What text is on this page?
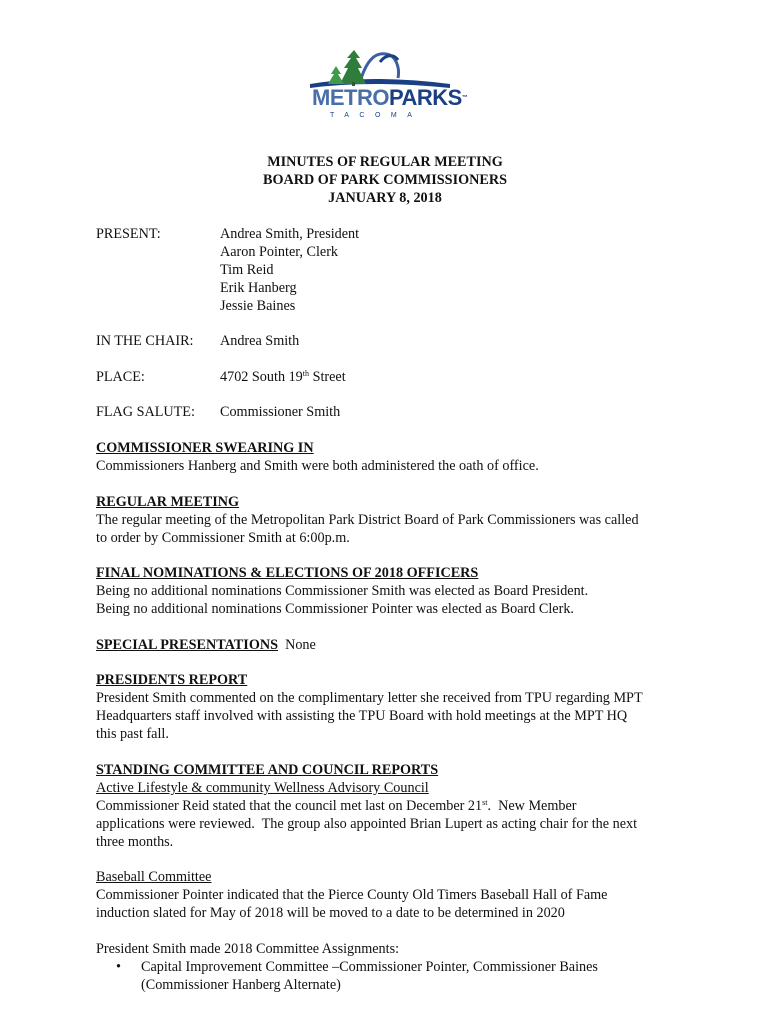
METROPARKS™
TACOMA
MINUTES OF REGULAR MEETING
BOARD OF PARK COMMISSIONERS
JANUARY 8, 2018
PRESENT:	Andrea Smith, President
Aaron Pointer, Clerk
Tim Reid
Erik Hanberg
Jessie Baines
IN THE CHAIR: Andrea Smith
PLACE:	4702 South 19th Street
FLAG SALUTE: Commissioner Smith
COMMISSIONER SWEARING IN
Commissioners Hanberg and Smith were both administered the oath of office.
REGULAR MEETING
The regular meeting of the Metropolitan Park District Board of Park Commissioners was called
to order by Commissioner Smith at 6:00p.m.
FINAL NOMINATIONS & ELECTIONS OF 2018 OFFICERS
Being no additional nominations Commissioner Smith was elected as Board President.
Being no additional nominations Commissioner Pointer was elected as Board Clerk.
SPECIAL PRESENTATIONS  None
PRESIDENTS REPORT
President Smith commented on the complimentary letter she received from TPU regarding MPT
Headquarters staff involved with assisting the TPU Board with hold meetings at the MPT HQ
this past fall.
STANDING COMMITTEE AND COUNCIL REPORTS
Active Lifestyle & community Wellness Advisory Council
Commissioner Reid stated that the council met last on December 21st.  New Member
applications were reviewed.  The group also appointed Brian Lupert as acting chair for the next
three months.
Baseball Committee
Commissioner Pointer indicated that the Pierce County Old Timers Baseball Hall of Fame
induction slated for May of 2018 will be moved to a date to be determined in 2020
President Smith made 2018 Committee Assignments:
• Capital Improvement Committee –Commissioner Pointer, Commissioner Baines
(Commissioner Hanberg Alternate)
